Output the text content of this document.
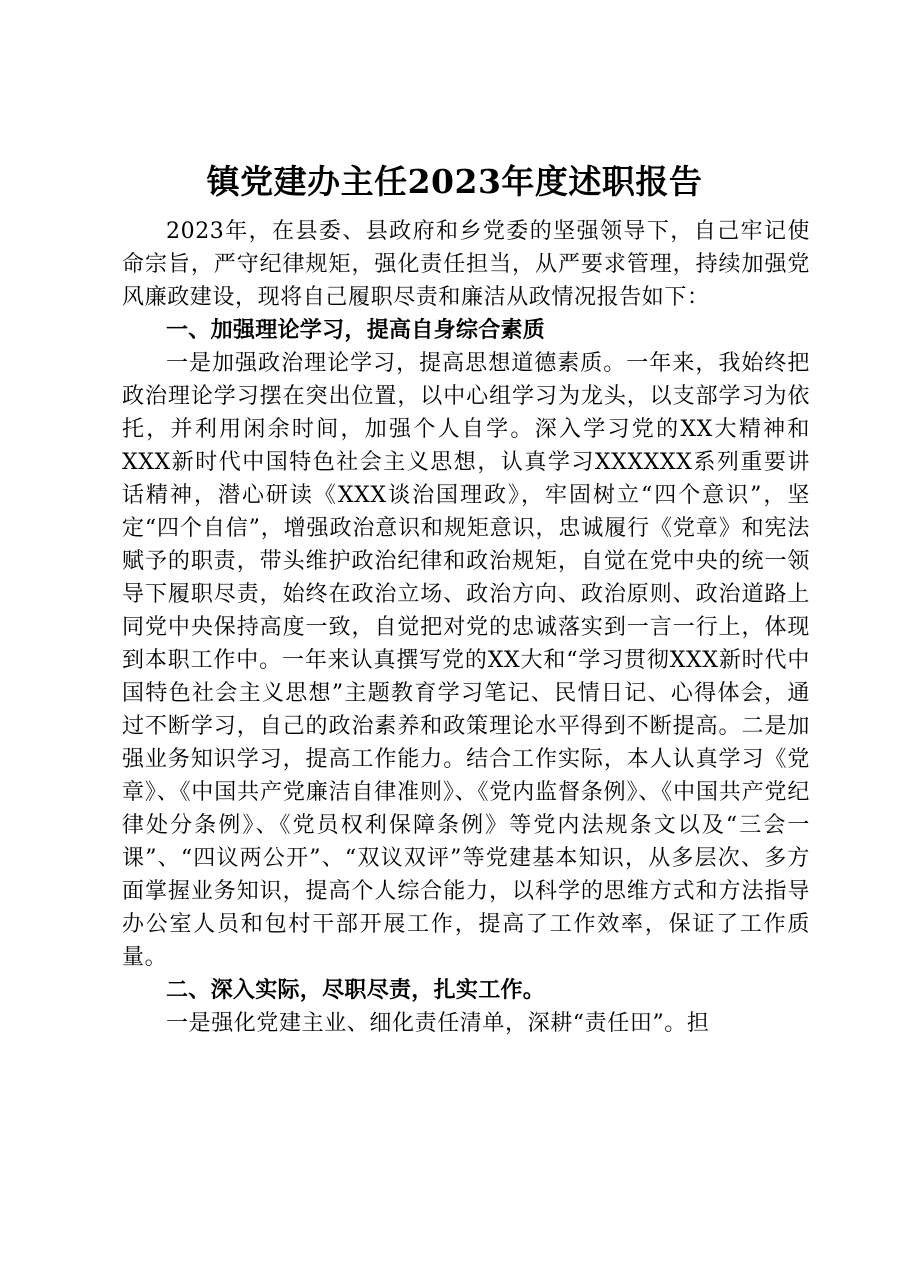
镇党建办主任2023年度述职报告

2023年，在县委、县政府和乡党委的坚强领导下，自己牢记使命宗旨，严守纪律规矩，强化责任担当，从严要求管理，持续加强党风廉政建设，现将自己履职尽责和廉洁从政情况报告如下：

一、加强理论学习，提高自身综合素质

一是加强政治理论学习，提高思想道德素质。一年来，我始终把政治理论学习摆在突出位置，以中心组学习为龙头，以支部学习为依托，并利用闲余时间，加强个人自学。深入学习党的XX大精神和XXX新时代中国特色社会主义思想，认真学习XXXXXX系列重要讲话精神，潜心研读《XXX谈治国理政》，牢固树立“四个意识”，坚定“四个自信”，增强政治意识和规矩意识，忠诚履行《党章》和宪法赋予的职责，带头维护政治纪律和政治规矩，自觉在党中央的统一领导下履职尽责，始终在政治立场、政治方向、政治原则、政治道路上同党中央保持高度一致，自觉把对党的忠诚落实到一言一行上，体现到本职工作中。一年来认真撰写党的XX大和“学习贯彻XXX新时代中国特色社会主义思想”主题教育学习笔记、民情日记、心得体会，通过不断学习，自己的政治素养和政策理论水平得到不断提高。二是加强业务知识学习，提高工作能力。结合工作实际，本人认真学习《党章》、《中国共产党廉洁自律准则》、《党内监督条例》、《中国共产党纪律处分条例》、《党员权利保障条例》等党内法规条文以及“三会一课”、“四议两公开”、“双议双评”等党建基本知识，从多层次、多方面掌握业务知识，提高个人综合能力，以科学的思维方式和方法指导办公室人员和包村干部开展工作，提高了工作效率，保证了工作质量。

二、深入实际，尽职尽责，扎实工作。

一是强化党建主业、细化责任清单，深耕“责任田”。担
